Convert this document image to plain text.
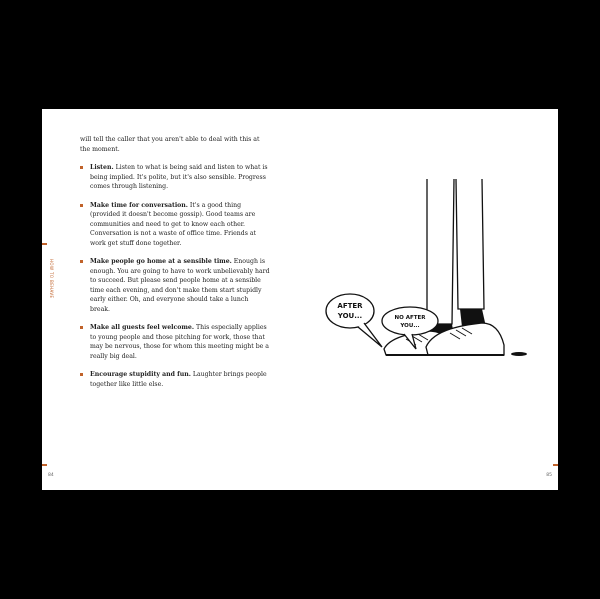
HOW TO BEHAVE
84

will tell the caller that you aren't able to deal with this at the moment.

Listen. Listen to what is being said and listen to what is being implied. It's polite, but it's also sensible. Progress comes through listening.

Make time for conversation. It's a good thing (provided it doesn't become gossip). Good teams are communities and need to get to know each other. Conversation is not a waste of office time. Friends at work get stuff done together.

Make people go home at a sensible time. Enough is enough. You are going to have to work unbelievably hard to succeed. But please send people home at a sensible time each evening, and don't make them start stupidly early either. Oh, and everyone should take a lunch break.

Make all guests feel welcome. This especially applies to young people and those pitching for work, those that may be nervous, those for whom this meeting might be a really big deal.

Encourage stupidity and fun. Laughter brings people together like little else.

85
AFTER
YOU...	NO AFTER
YOU...
